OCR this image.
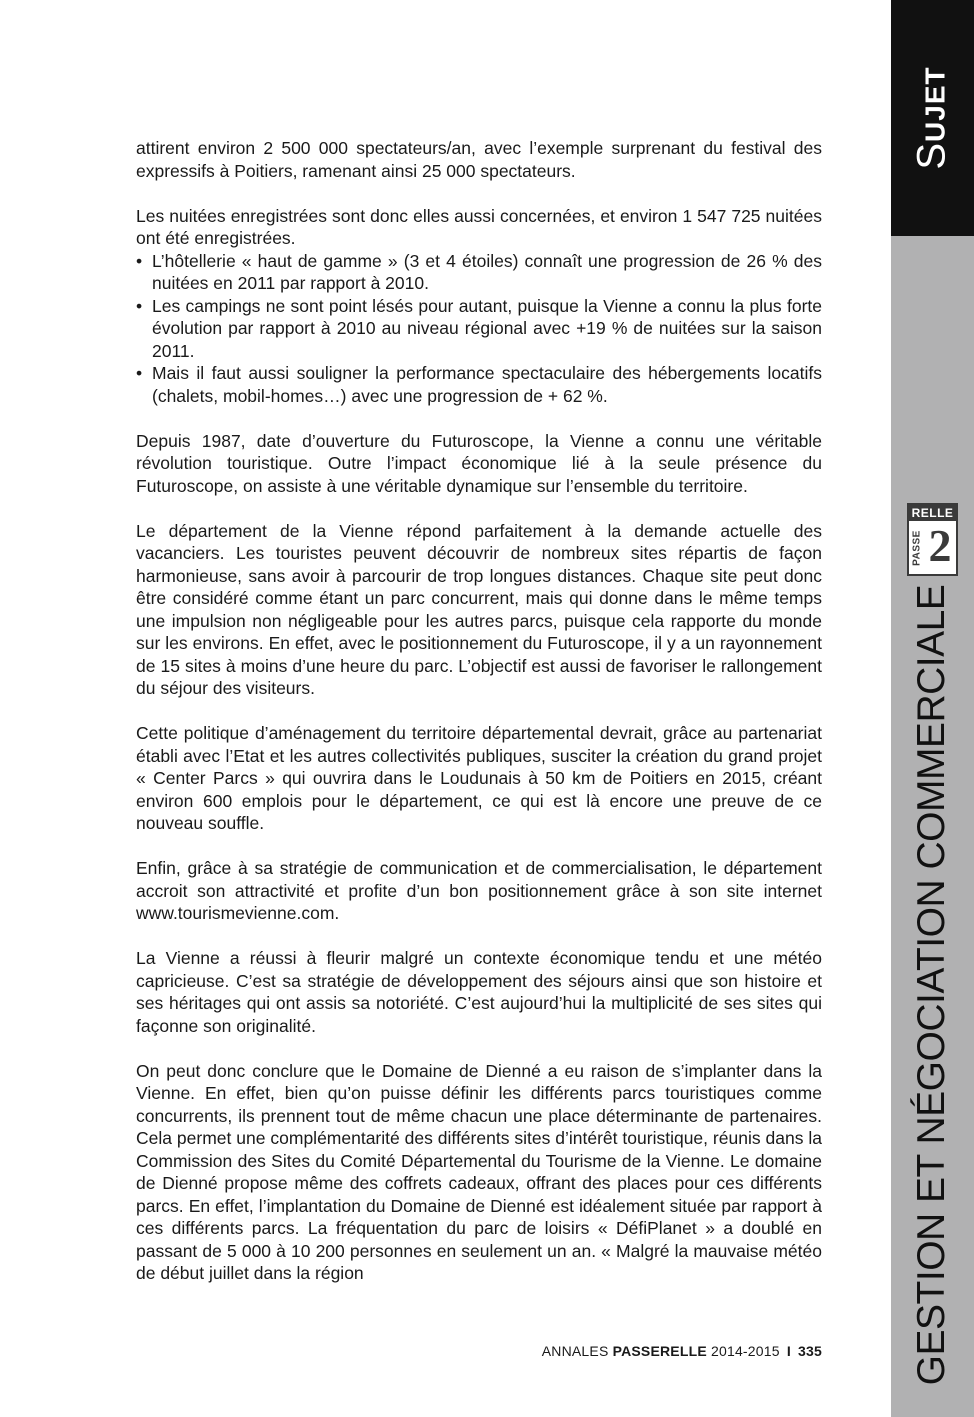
attirent environ 2 500 000 spectateurs/an, avec l’exemple surprenant du festival des expressifs à Poitiers, ramenant ainsi 25 000 spectateurs.

Les nuitées enregistrées sont donc elles aussi concernées, et environ 1 547 725 nuitées ont été enregistrées.

• L’hôtellerie « haut de gamme » (3 et 4 étoiles) connaît une progression de 26 % des nuitées en 2011 par rapport à 2010.
• Les campings ne sont point lésés pour autant, puisque la Vienne a connu la plus forte évolution par rapport à 2010 au niveau régional avec +19 % de nuitées sur la saison 2011.
• Mais il faut aussi souligner la performance spectaculaire des hébergements locatifs (chalets, mobil-homes…) avec une progression de + 62 %.

Depuis 1987, date d’ouverture du Futuroscope, la Vienne a connu une véritable révolution touristique. Outre l’impact économique lié à la seule présence du Futuroscope, on assiste à une véritable dynamique sur l’ensemble du territoire.

Le département de la Vienne répond parfaitement à la demande actuelle des vacanciers. Les touristes peuvent découvrir de nombreux sites répartis de façon harmonieuse, sans avoir à parcourir de trop longues distances. Chaque site peut donc être considéré comme étant un parc concurrent, mais qui donne dans le même temps une impulsion non négligeable pour les autres parcs, puisque cela rapporte du monde sur les environs. En effet, avec le positionnement du Futuroscope, il y a un rayonnement de 15 sites à moins d’une heure du parc. L’objectif est aussi de favoriser le rallongement du séjour des visiteurs.

Cette politique d’aménagement du territoire départemental devrait, grâce au partenariat établi avec l’Etat et les autres collectivités publiques, susciter la création du grand projet « Center Parcs » qui ouvrira dans le Loudunais à 50 km de Poitiers en 2015, créant environ 600 emplois pour le département, ce qui est là encore une preuve de ce nouveau souffle.

Enfin, grâce à sa stratégie de communication et de commercialisation, le département accroit son attractivité et profite d’un bon positionnement grâce à son site internet www.tourismevienne.com.

La Vienne a réussi à fleurir malgré un contexte économique tendu et une météo capricieuse. C’est sa stratégie de développement des séjours ainsi que son histoire et ses héritages qui ont assis sa notoriété. C’est aujourd’hui la multiplicité de ses sites qui façonne son originalité.

On peut donc conclure que le Domaine de Dienné a eu raison de s’implanter dans la Vienne. En effet, bien qu’on puisse définir les différents parcs touristiques comme concurrents, ils prennent tout de même chacun une place déterminante de partenaires. Cela permet une complémentarité des différents sites d’intérêt touristique, réunis dans la Commission des Sites du Comité Départemental du Tourisme de la Vienne. Le domaine de Dienné propose même des coffrets cadeaux, offrant des places pour ces différents parcs. En effet, l’implantation du Domaine de Dienné est idéalement située par rapport à ces différents parcs. La fréquentation du parc de loisirs « DéfiPlanet » a doublé en passant de 5 000 à 10 200 personnes en seulement un an. « Malgré la mauvaise météo de début juillet dans la région

ANNALES PASSERELLE 2014-2015 I 335
SUJET
RELLE
PASSE 2
GESTION ET NÉGOCIATION COMMERCIALE
